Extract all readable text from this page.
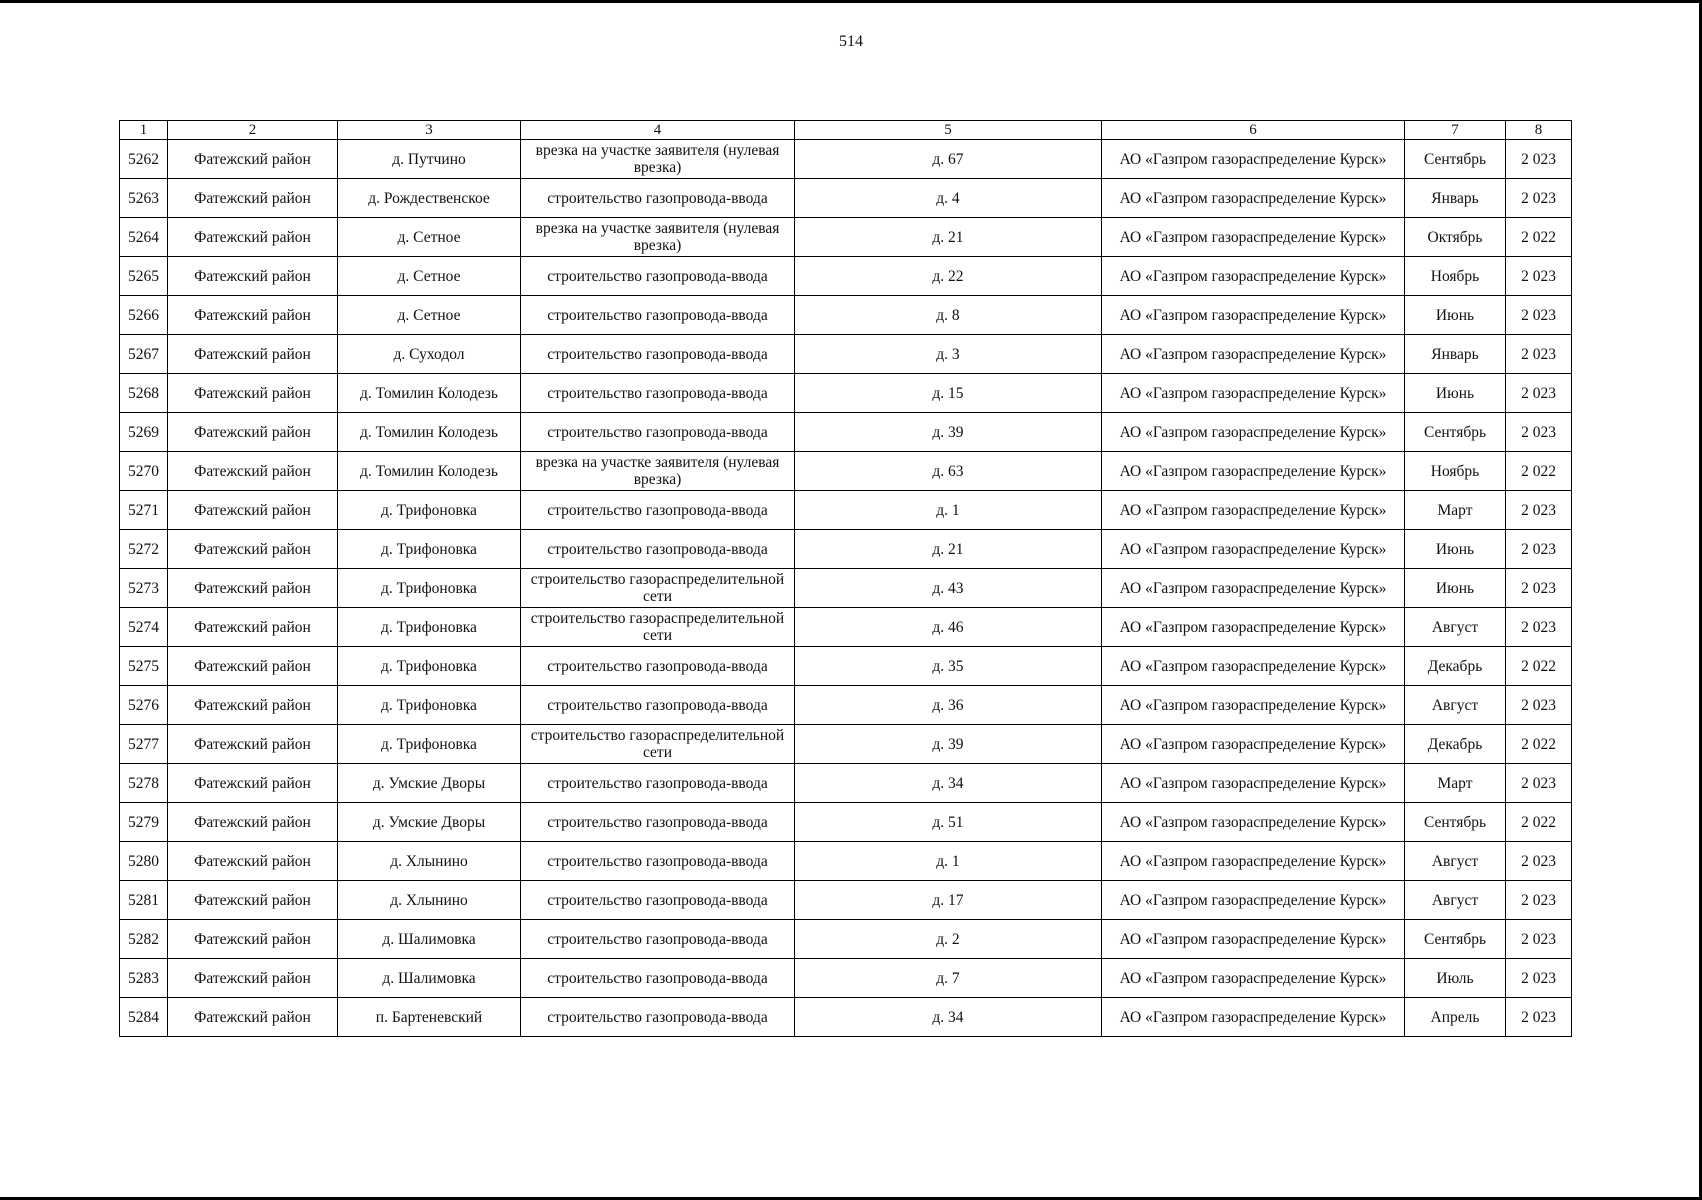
514
1	2	3	4	5	6	7	8
5262	Фатежский район	д. Путчино	врезка на участке заявителя (нулевая врезка)	д. 67	АО «Газпром газораспределение Курск»	Сентябрь	2 023
5263	Фатежский район	д. Рождественское	строительство газопровода-ввода	д. 4	АО «Газпром газораспределение Курск»	Январь	2 023
5264	Фатежский район	д. Сетное	врезка на участке заявителя (нулевая врезка)	д. 21	АО «Газпром газораспределение Курск»	Октябрь	2 022
5265	Фатежский район	д. Сетное	строительство газопровода-ввода	д. 22	АО «Газпром газораспределение Курск»	Ноябрь	2 023
5266	Фатежский район	д. Сетное	строительство газопровода-ввода	д. 8	АО «Газпром газораспределение Курск»	Июнь	2 023
5267	Фатежский район	д. Суходол	строительство газопровода-ввода	д. 3	АО «Газпром газораспределение Курск»	Январь	2 023
5268	Фатежский район	д. Томилин Колодезь	строительство газопровода-ввода	д. 15	АО «Газпром газораспределение Курск»	Июнь	2 023
5269	Фатежский район	д. Томилин Колодезь	строительство газопровода-ввода	д. 39	АО «Газпром газораспределение Курск»	Сентябрь	2 023
5270	Фатежский район	д. Томилин Колодезь	врезка на участке заявителя (нулевая врезка)	д. 63	АО «Газпром газораспределение Курск»	Ноябрь	2 022
5271	Фатежский район	д. Трифоновка	строительство газопровода-ввода	д. 1	АО «Газпром газораспределение Курск»	Март	2 023
5272	Фатежский район	д. Трифоновка	строительство газопровода-ввода	д. 21	АО «Газпром газораспределение Курск»	Июнь	2 023
5273	Фатежский район	д. Трифоновка	строительство газораспределительной сети	д. 43	АО «Газпром газораспределение Курск»	Июнь	2 023
5274	Фатежский район	д. Трифоновка	строительство газораспределительной сети	д. 46	АО «Газпром газораспределение Курск»	Август	2 023
5275	Фатежский район	д. Трифоновка	строительство газопровода-ввода	д. 35	АО «Газпром газораспределение Курск»	Декабрь	2 022
5276	Фатежский район	д. Трифоновка	строительство газопровода-ввода	д. 36	АО «Газпром газораспределение Курск»	Август	2 023
5277	Фатежский район	д. Трифоновка	строительство газораспределительной сети	д. 39	АО «Газпром газораспределение Курск»	Декабрь	2 022
5278	Фатежский район	д. Умские Дворы	строительство газопровода-ввода	д. 34	АО «Газпром газораспределение Курск»	Март	2 023
5279	Фатежский район	д. Умские Дворы	строительство газопровода-ввода	д. 51	АО «Газпром газораспределение Курск»	Сентябрь	2 022
5280	Фатежский район	д. Хлынино	строительство газопровода-ввода	д. 1	АО «Газпром газораспределение Курск»	Август	2 023
5281	Фатежский район	д. Хлынино	строительство газопровода-ввода	д. 17	АО «Газпром газораспределение Курск»	Август	2 023
5282	Фатежский район	д. Шалимовка	строительство газопровода-ввода	д. 2	АО «Газпром газораспределение Курск»	Сентябрь	2 023
5283	Фатежский район	д. Шалимовка	строительство газопровода-ввода	д. 7	АО «Газпром газораспределение Курск»	Июль	2 023
5284	Фатежский район	п. Бартеневский	строительство газопровода-ввода	д. 34	АО «Газпром газораспределение Курск»	Апрель	2 023
